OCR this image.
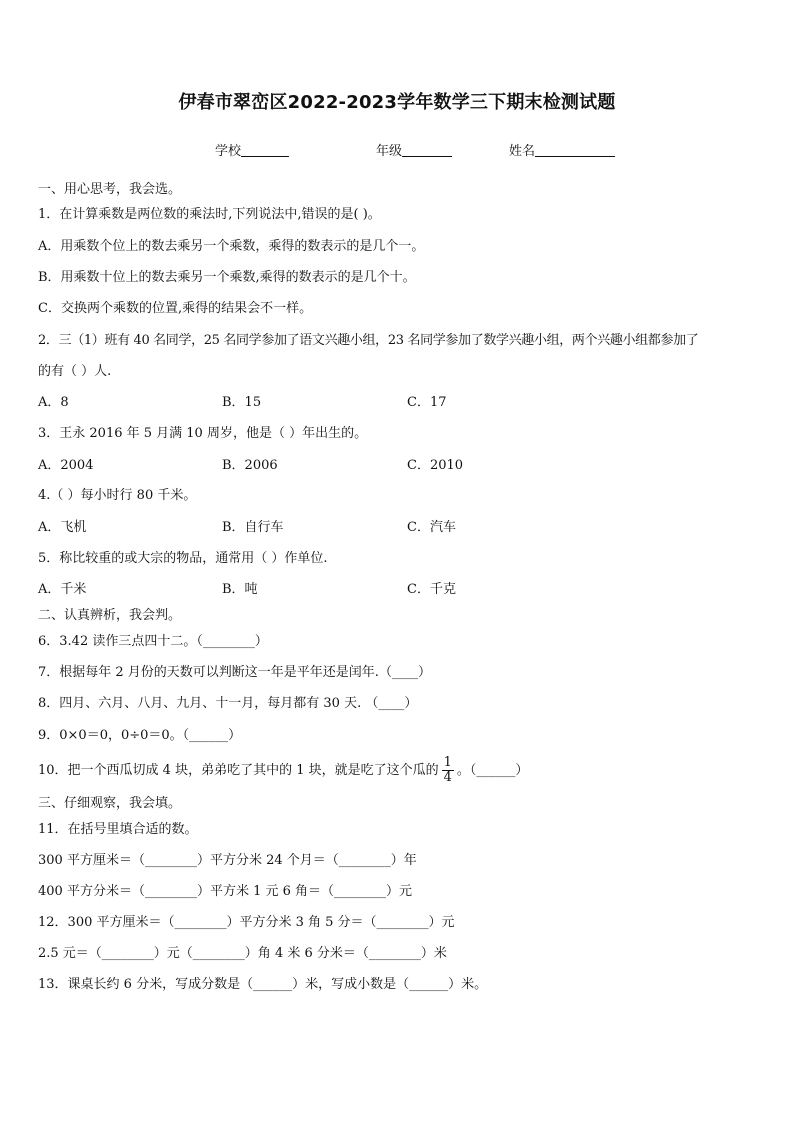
伊春市翠峦区2022-2023学年数学三下期末检测试题
学校	年级	姓名
一、用心思考，我会选。
1．在计算乘数是两位数的乘法时,下列说法中,错误的是( )。
A．用乘数个位上的数去乘另一个乘数，乘得的数表示的是几个一。
B．用乘数十位上的数去乘另一个乘数,乘得的数表示的是几个十。
C．交换两个乘数的位置,乘得的结果会不一样。
2．三（1）班有 40 名同学，25 名同学参加了语文兴趣小组，23 名同学参加了数学兴趣小组，两个兴趣小组都参加了
的有（ ）人.
A．8	B．15	C．17
3．王永 2016 年 5 月满 10 周岁，他是（ ）年出生的。
A．2004	B．2006	C．2010
4.（ ）每小时行 80 千米。
A．飞机	B．自行车	C．汽车
5．称比较重的或大宗的物品，通常用（ ）作单位.
A．千米	B．吨	C．千克
二、认真辨析，我会判。
6．3.42 读作三点四十二。（________）
7．根据每年 2 月份的天数可以判断这一年是平年还是闰年.（____）
8．四月、六月、八月、九月、十一月，每月都有 30 天. （____）
9．0×0＝0，0÷0＝0。（______）
10．把一个西瓜切成 4 块，弟弟吃了其中的 1 块，就是吃了这个瓜的 $\frac{1}{4}$ 。（______）
三、仔细观察，我会填。
11．在括号里填合适的数。
300 平方厘米＝（________）平方分米 24 个月＝（________）年
400 平方分米＝（________）平方米 1 元 6 角＝（________）元
12．300 平方厘米＝（________）平方分米 3 角 5 分＝（________）元
2.5 元＝（________）元（________）角 4 米 6 分米＝（________）米
13．课桌长约 6 分米，写成分数是（______）米，写成小数是（______）米。
